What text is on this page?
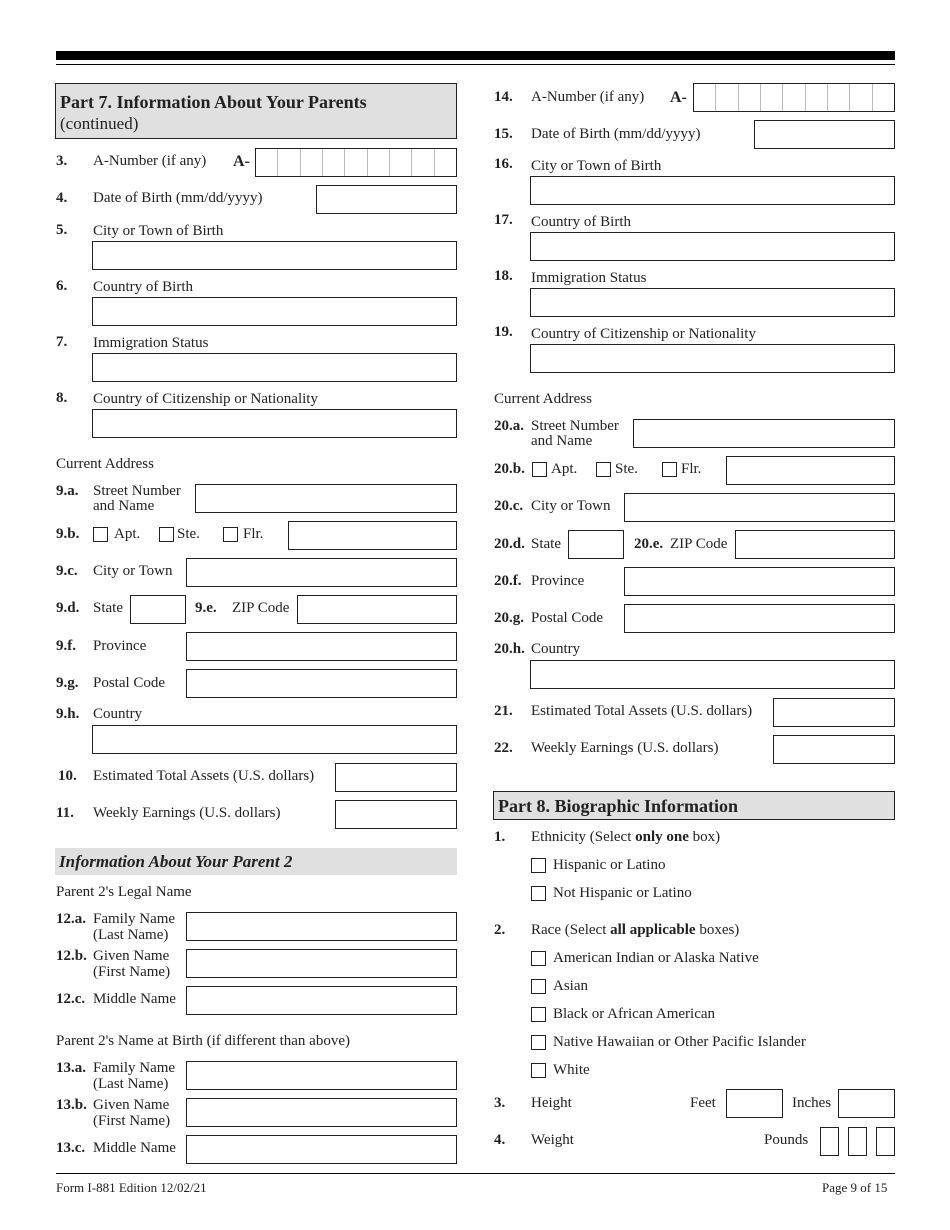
Part 7. Information About Your Parents
(continued)
3. A-Number (if any) A-
4. Date of Birth (mm/dd/yyyy)
5. City or Town of Birth
6. Country of Birth
7. Immigration Status
8. Country of Citizenship or Nationality
Current Address
9.a. Street Number
and Name
9.b. Apt. Ste.	Flr.
9.c. City or Town
9.d. State	9.e. ZIP Code
9.f. Province
9.g. Postal Code
9.h. Country
10. Estimated Total Assets (U.S. dollars)
11. Weekly Earnings (U.S. dollars)
Information About Your Parent 2
Parent 2's Legal Name
12.a. Family Name
(Last Name)
12.b. Given Name
(First Name)
12.c. Middle Name
Parent 2's Name at Birth (if different than above)
13.a. Family Name
(Last Name)
13.b. Given Name
(First Name)
13.c. Middle Name
14. A-Number (if any) A-
15. Date of Birth (mm/dd/yyyy)
16. City or Town of Birth
17. Country of Birth
18. Immigration Status
19. Country of Citizenship or Nationality
Current Address
20.a. Street Number
and Name
20.b. Apt.	Ste.	Flr.
20.c. City or Town
20.d. State	20.e. ZIP Code
20.f. Province
20.g. Postal Code
20.h. Country
21. Estimated Total Assets (U.S. dollars)
22. Weekly Earnings (U.S. dollars)
Part 8. Biographic Information
1. Ethnicity (Select only one box)
Hispanic or Latino
Not Hispanic or Latino
2. Race (Select all applicable boxes)
American Indian or Alaska Native
Asian
Black or African American
Native Hawaiian or Other Pacific Islander
White
3. Height	Feet	Inches
4. Weight	Pounds
Form I-881 Edition 12/02/21	Page 9 of 15
